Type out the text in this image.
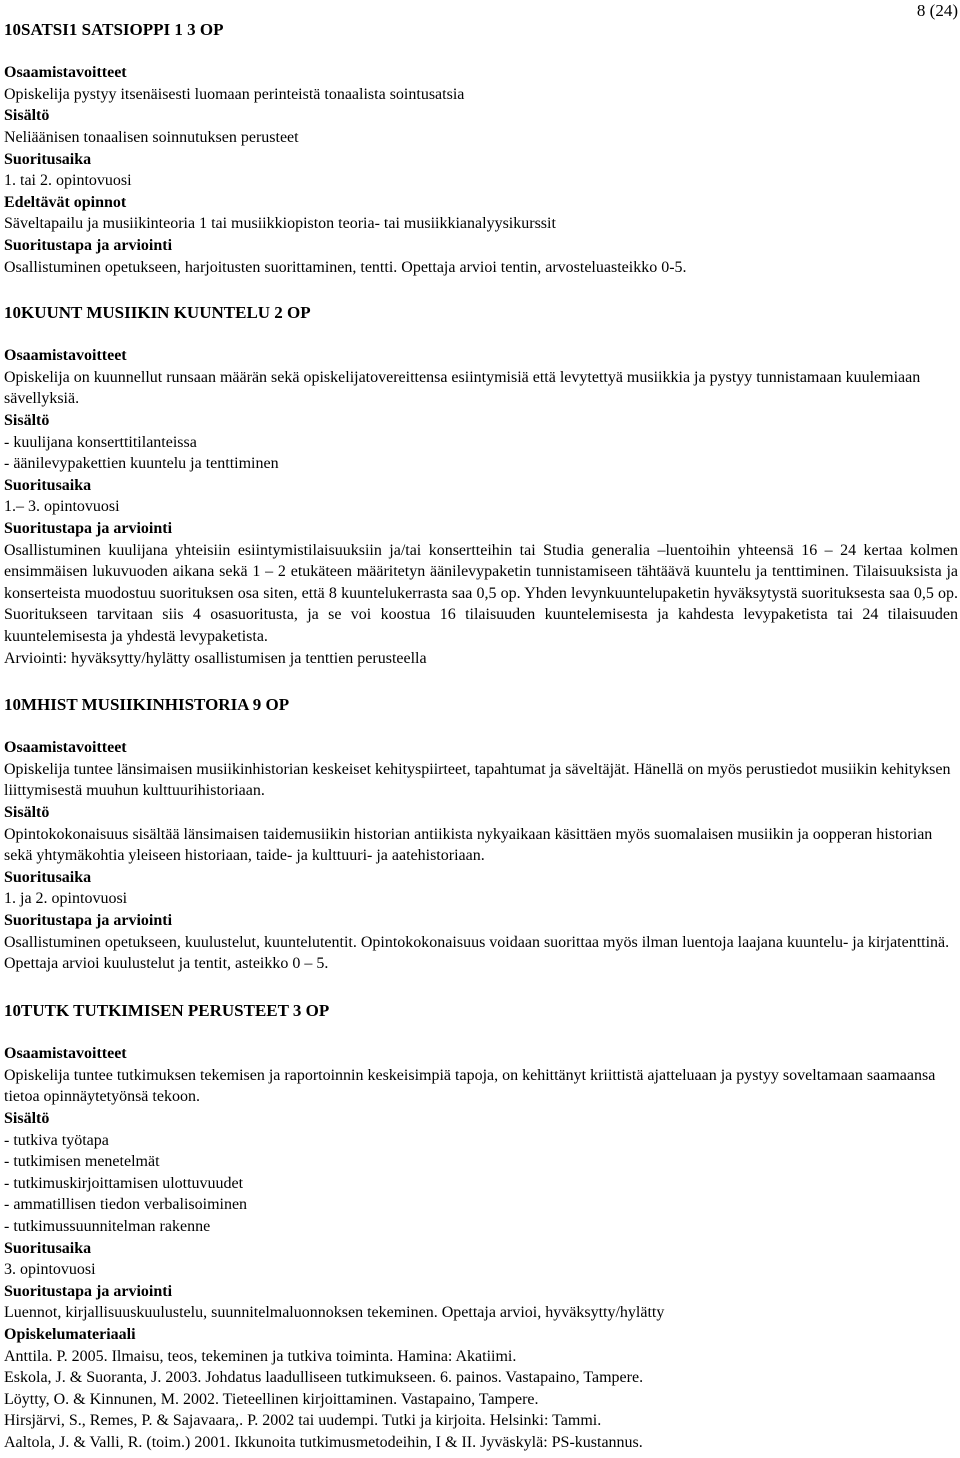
8 (24)
10SATSI1 SATSIOPPI 1 3 OP

Osaamistavoitteet

Opiskelija pystyy itsenäisesti luomaan perinteistä tonaalista sointusatsia

Sisältö

Neliäänisen tonaalisen soinnutuksen perusteet

Suoritusaika

1. tai 2. opintovuosi

Edeltävät opinnot

Säveltapailu ja musiikinteoria 1 tai musiikkiopiston teoria- tai musiikkianalyysikurssit

Suoritustapa ja arviointi

Osallistuminen opetukseen, harjoitusten suorittaminen, tentti. Opettaja arvioi tentin, arvosteluasteikko 0-5.

10KUUNT MUSIIKIN KUUNTELU 2 OP

Osaamistavoitteet

Opiskelija on kuunnellut runsaan määrän sekä opiskelijatovereittensa esiintymisiä että levytettyä musiikkia ja pystyy tunnistamaan kuulemiaan sävellyksiä.

Sisältö

- kuulijana konserttitilanteissa

- äänilevypakettien kuuntelu ja tenttiminen

Suoritusaika

1.– 3. opintovuosi

Suoritustapa ja arviointi

Osallistuminen kuulijana yhteisiin esiintymistilaisuuksiin ja/tai konsertteihin tai Studia generalia –luentoihin yhteensä 16 – 24 kertaa kolmen ensimmäisen lukuvuoden aikana sekä 1 – 2 etukäteen määritetyn äänilevypaketin tunnistamiseen tähtäävä kuuntelu ja tenttiminen. Tilaisuuksista ja konserteista muodostuu suorituksen osa siten, että 8 kuuntelukerrasta saa 0,5 op. Yhden levynkuuntelupaketin hyväksytystä suorituksesta saa 0,5 op. Suoritukseen tarvitaan siis 4 osasuoritusta, ja se voi koostua 16 tilaisuuden kuuntelemisesta ja kahdesta levypaketista tai 24 tilaisuuden kuuntelemisesta ja yhdestä levypaketista.

Arviointi: hyväksytty/hylätty osallistumisen ja tenttien perusteella

10MHIST MUSIIKINHISTORIA 9 OP

Osaamistavoitteet

Opiskelija tuntee länsimaisen musiikinhistorian keskeiset kehityspiirteet, tapahtumat ja säveltäjät. Hänellä on myös perustiedot musiikin kehityksen liittymisestä muuhun kulttuurihistoriaan.

Sisältö

Opintokokonaisuus sisältää länsimaisen taidemusiikin historian antiikista nykyaikaan käsittäen myös suomalaisen musiikin ja oopperan historian sekä yhtymäkohtia yleiseen historiaan, taide- ja kulttuuri- ja aatehistoriaan.

Suoritusaika

1. ja 2. opintovuosi

Suoritustapa ja arviointi

Osallistuminen opetukseen, kuulustelut, kuuntelutentit. Opintokokonaisuus voidaan suorittaa myös ilman luentoja laajana kuuntelu- ja kirjatenttinä. Opettaja arvioi kuulustelut ja tentit, asteikko 0 – 5.

10TUTK TUTKIMISEN PERUSTEET 3 OP

Osaamistavoitteet

Opiskelija tuntee tutkimuksen tekemisen ja raportoinnin keskeisimpiä tapoja, on kehittänyt kriittistä ajatteluaan ja pystyy soveltamaan saamaansa tietoa opinnäytetyönsä tekoon.

Sisältö

- tutkiva työtapa

- tutkimisen menetelmät

- tutkimuskirjoittamisen ulottuvuudet

- ammatillisen tiedon verbalisoiminen

- tutkimussuunnitelman rakenne

Suoritusaika

3. opintovuosi

Suoritustapa ja arviointi

Luennot, kirjallisuuskuulustelu, suunnitelmaluonnoksen tekeminen. Opettaja arvioi, hyväksytty/hylätty

Opiskelumateriaali

Anttila. P. 2005. Ilmaisu, teos, tekeminen ja tutkiva toiminta. Hamina: Akatiimi.

Eskola, J. & Suoranta, J. 2003. Johdatus laadulliseen tutkimukseen. 6. painos. Vastapaino, Tampere.

Löytty, O. & Kinnunen, M. 2002. Tieteellinen kirjoittaminen. Vastapaino, Tampere.

Hirsjärvi, S., Remes, P. & Sajavaara,. P. 2002 tai uudempi. Tutki ja kirjoita. Helsinki: Tammi.

Aaltola, J. & Valli, R. (toim.) 2001. Ikkunoita tutkimusmetodeihin, I & II. Jyväskylä: PS-kustannus.
